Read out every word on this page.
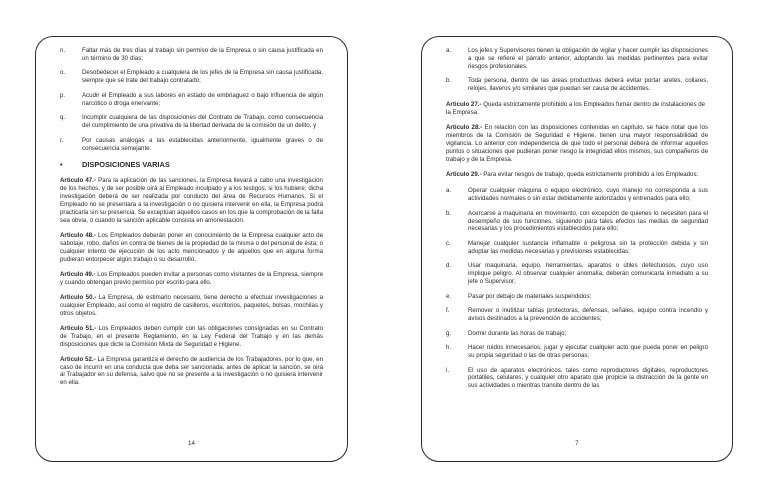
n.	Faltar más de tres días al trabajo sin permiso de la Empresa o sin causa justificada en un término de 30 días;
o.	Desobedecer el Empleado a cualquiera de los jefes de la Empresa sin causa justificada, siempre que se trate del trabajo contratado;
p.	Acudir el Empleado a sus labores en estado de embriaguez o bajo influencia de algún narcótico o droga enervante;
q.	Incumplir cualquiera de las disposiciones del Contrato de Trabajo, como consecuencia del cumplimiento de una privativa de la libertad derivada de la comisión de un delito, y
r.	Por causas análogas a las establecidas anteriormente, igualmente graves o de consecuencia semejante.
•	DISPOSICIONES VARIAS
Articulo 47.- Para la aplicación de las sanciones, la Empresa llevará a cabo una investigación de los hechos, y de ser posible oirá al Empleado inculpado y a los testigos, si los hubiere; dicha investigación deberá de ser realizada por conducto del área de Recursos Humanos. Si el Empleado no se presentara a la investigación o no quisiera intervenir en ella, la Empresa podrá practicarla sin su presencia. Se exceptúan aquellos casos en los que la comprobación de la falta sea obvia, o cuando la sanción aplicable consista en amonestación.
Articulo 48.- Los Empleados deberán poner en conocimiento de la Empresa cualquier acto de sabotaje, robo, daños en contra de bienes de la propiedad de la misma o del personal de ésta; o cualquier intento de ejecución de los acto mencionados y de aquellos que en alguna forma pudieran entorpecer algún trabajo o su desarrollo.
Articulo 49.- Los Empleados pueden invitar a personas como visitantes de la Empresa, siempre y cuando obtengan previo permiso por escrito para ello.
Articulo 50.- La Empresa, de estimarlo necesario, tiene derecho a efectuar investigaciones a cualquier Empleado, así como el registro de casilleros, escritorios, paquetes, bolsas, mochilas y otros objetos.
Articulo 51.- Los Empleados deben cumplir con las obligaciones consignadas en su Contrato de Trabajo, en el presente Reglamento, en la Ley Federal del Trabajo y en las demás disposiciones que dicte la Comisión Mixta de Seguridad e Higiene.
Articulo 52.- La Empresa garantiza el derecho de audiencia de los Trabajadores, por lo que, en caso de incurrir en una conducta que deba ser sancionada, antes de aplicar la sanción, se oirá al Trabajador en su defensa, salvo que no se presente a la investigación o no quisiera intervenir en ella.
14
a.	Los jefes y Supervisores tienen la obligación de vigilar y hacer cumplir las disposiciones a que se refiere el párrafo anterior, adoptando las medidas pertinentes para evitar riesgos profesionales.
b.	Toda persona, dentro de las áreas productivas deberá evitar portar aretes, collares, relojes, llaveros y/o similares que puedan ser causa de accidentes.
Articulo 27.- Queda estrictamente prohibido a los Empleados fumar dentro de instalaciones de la Empresa.
Articulo 28.- En relación con las disposiciones contenidas en capítulo, se hace notar que los miembros de la Comisión de Seguridad e Higiene, tienen una mayor responsabilidad de vigilancia. Lo anterior con independencia de que todo el personal deberá de informar aquellos puntos o situaciones que pudieran poner riesgo la integridad ellos mismos, sus compañeros de trabajo y de la Empresa.
Articulo 29.- Para evitar riesgos de trabajo, queda estrictamente prohibido a los Empleados:
a.	Operar cualquier máquina o equipo electrónico, cuyo manejo no corresponda a sus actividades normales o sin estar debidamente autorizados y entrenados para ello;
b.	Acercarse a maquinaria en movimiento, con excepción de quienes lo necesiten para el desempeño de sus funciones, siguiendo para tales efectos las medias de seguridad necesarias y los procedimientos establecidos para ello;
c.	Manejar cualquier sustancia inflamable o peligrosa sin la protección debida y sin adoptar las medidas necesarias y previsiones establecidas;
d.	Usar maquinaria, equipo, herramientas, aparatos o útiles defectuosos, cuyo uso implique peligro. Al observar cualquier anomalía, deberán comunicarla inmediato a su jefe o Supervisor;
e.	Pasar por debajo de materiales suspendidos;
f.	Remover o inutilizar tablas protectoras, defensas, señales, equipo contra incendio y avisos destinados a la prevención de accidentes;
g.	Dormir durante las horas de trabajo;
h.	Hacer ruidos innecesarios, jugar y ejecutar cualquier acto que pueda poner en peligro su propia seguridad o las de otras personas;
i.	El uso de aparatos electrónicos, tales como reproductores digitales, reproductores portátiles, celulares, y cualquier otro aparato que propicie la distracción de la gente en sus actividades o mientras transite dentro de las
7
